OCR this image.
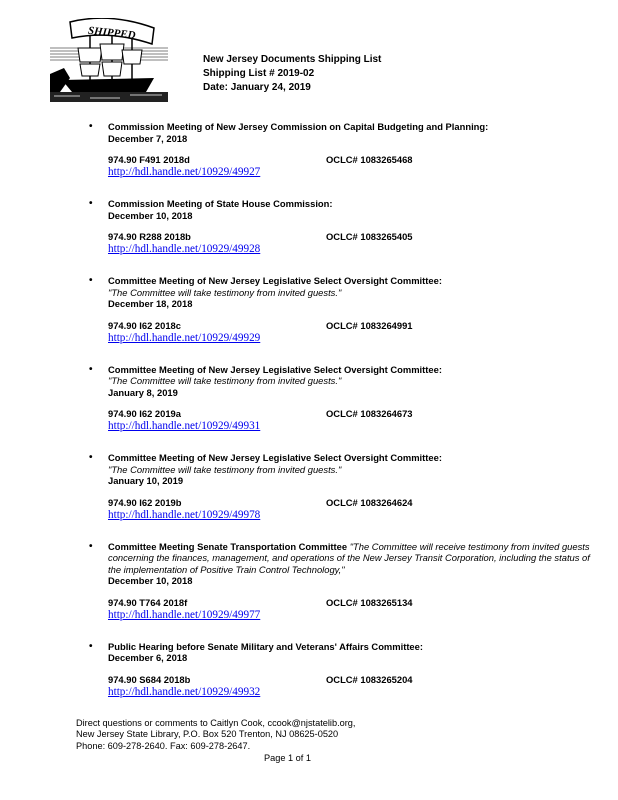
SHIPPED
New Jersey Documents Shipping List
Shipping List # 2019-02
Date: January 24, 2019
• Commission Meeting of New Jersey Commission on Capital Budgeting and Planning:
December 7, 2018
974.90 F491 2018d	OCLC# 1083265468
http://hdl.handle.net/10929/49927
• Commission Meeting of State House Commission:
December 10, 2018
974.90 R288 2018b	OCLC# 1083265405
http://hdl.handle.net/10929/49928
• Committee Meeting of New Jersey Legislative Select Oversight Committee:
"The Committee will take testimony from invited guests."
December 18, 2018
974.90 I62 2018c	OCLC# 1083264991
http://hdl.handle.net/10929/49929
• Committee Meeting of New Jersey Legislative Select Oversight Committee:
"The Committee will take testimony from invited guests."
January 8, 2019
974.90 I62 2019a	OCLC# 1083264673
http://hdl.handle.net/10929/49931
• Committee Meeting of New Jersey Legislative Select Oversight Committee:
"The Committee will take testimony from invited guests."
January 10, 2019
974.90 I62 2019b	OCLC# 1083264624
http://hdl.handle.net/10929/49978
• Committee Meeting Senate Transportation Committee "The Committee will receive testimony from invited guests concerning the finances, management, and operations of the New Jersey Transit Corporation, including the status of the implementation of Positive Train Control Technology,"
December 10, 2018
974.90 T764 2018f	OCLC# 1083265134
http://hdl.handle.net/10929/49977
• Public Hearing before Senate Military and Veterans' Affairs Committee:
December 6, 2018
974.90 S684 2018b	OCLC# 1083265204
http://hdl.handle.net/10929/49932
Direct questions or comments to Caitlyn Cook, ccook@njstatelib.org,
New Jersey State Library, P.O. Box 520 Trenton, NJ 08625-0520
Phone: 609-278-2640. Fax: 609-278-2647.
Page 1 of 1
